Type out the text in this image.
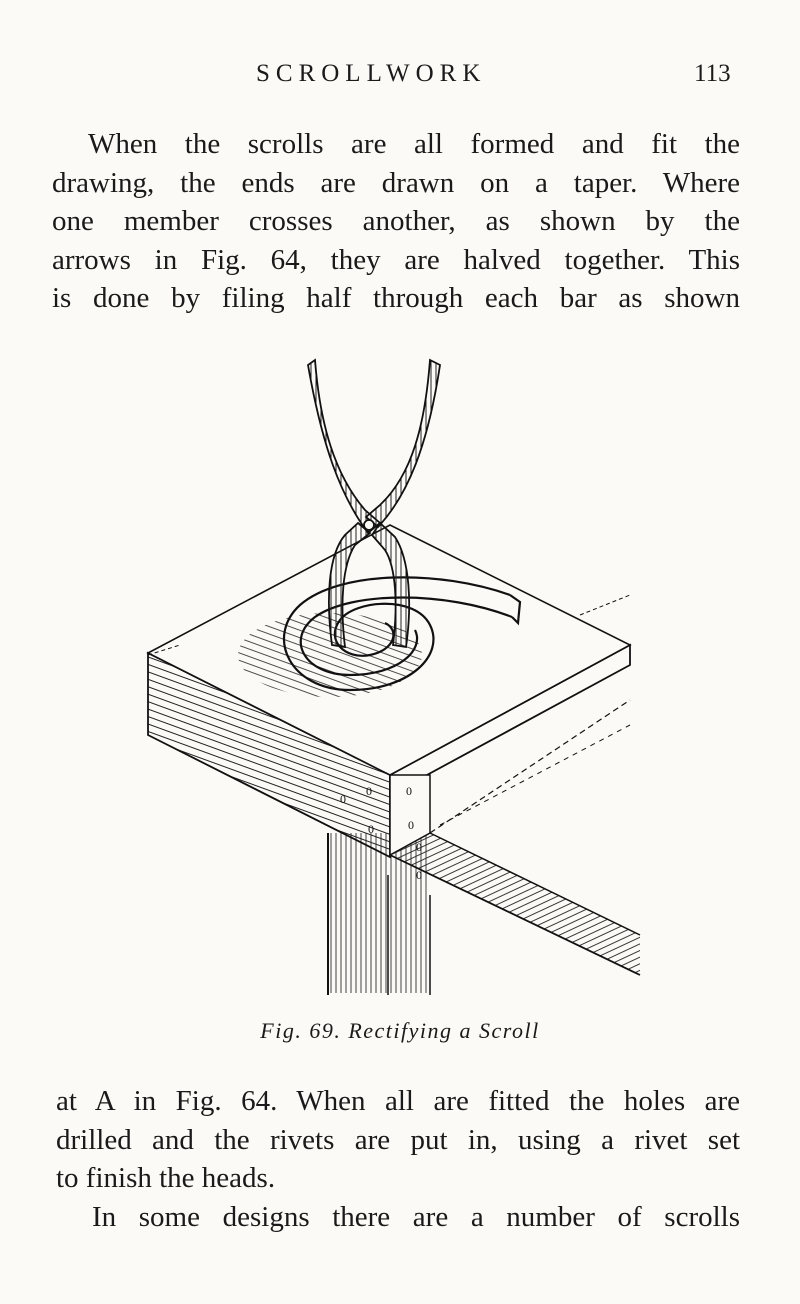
SCROLLWORK	113
When the scrolls are all formed and fit the
drawing, the ends are drawn on a taper. Where
one member crosses another, as shown by the
arrows in Fig. 64, they are halved together. This
is done by filing half through each bar as shown
0
0
0
0
0
0
0
Fig. 69. Rectifying a Scroll
at A in Fig. 64. When all are fitted the holes are
drilled and the rivets are put in, using a rivet set
to finish the heads.
In some designs there are a number of scrolls
